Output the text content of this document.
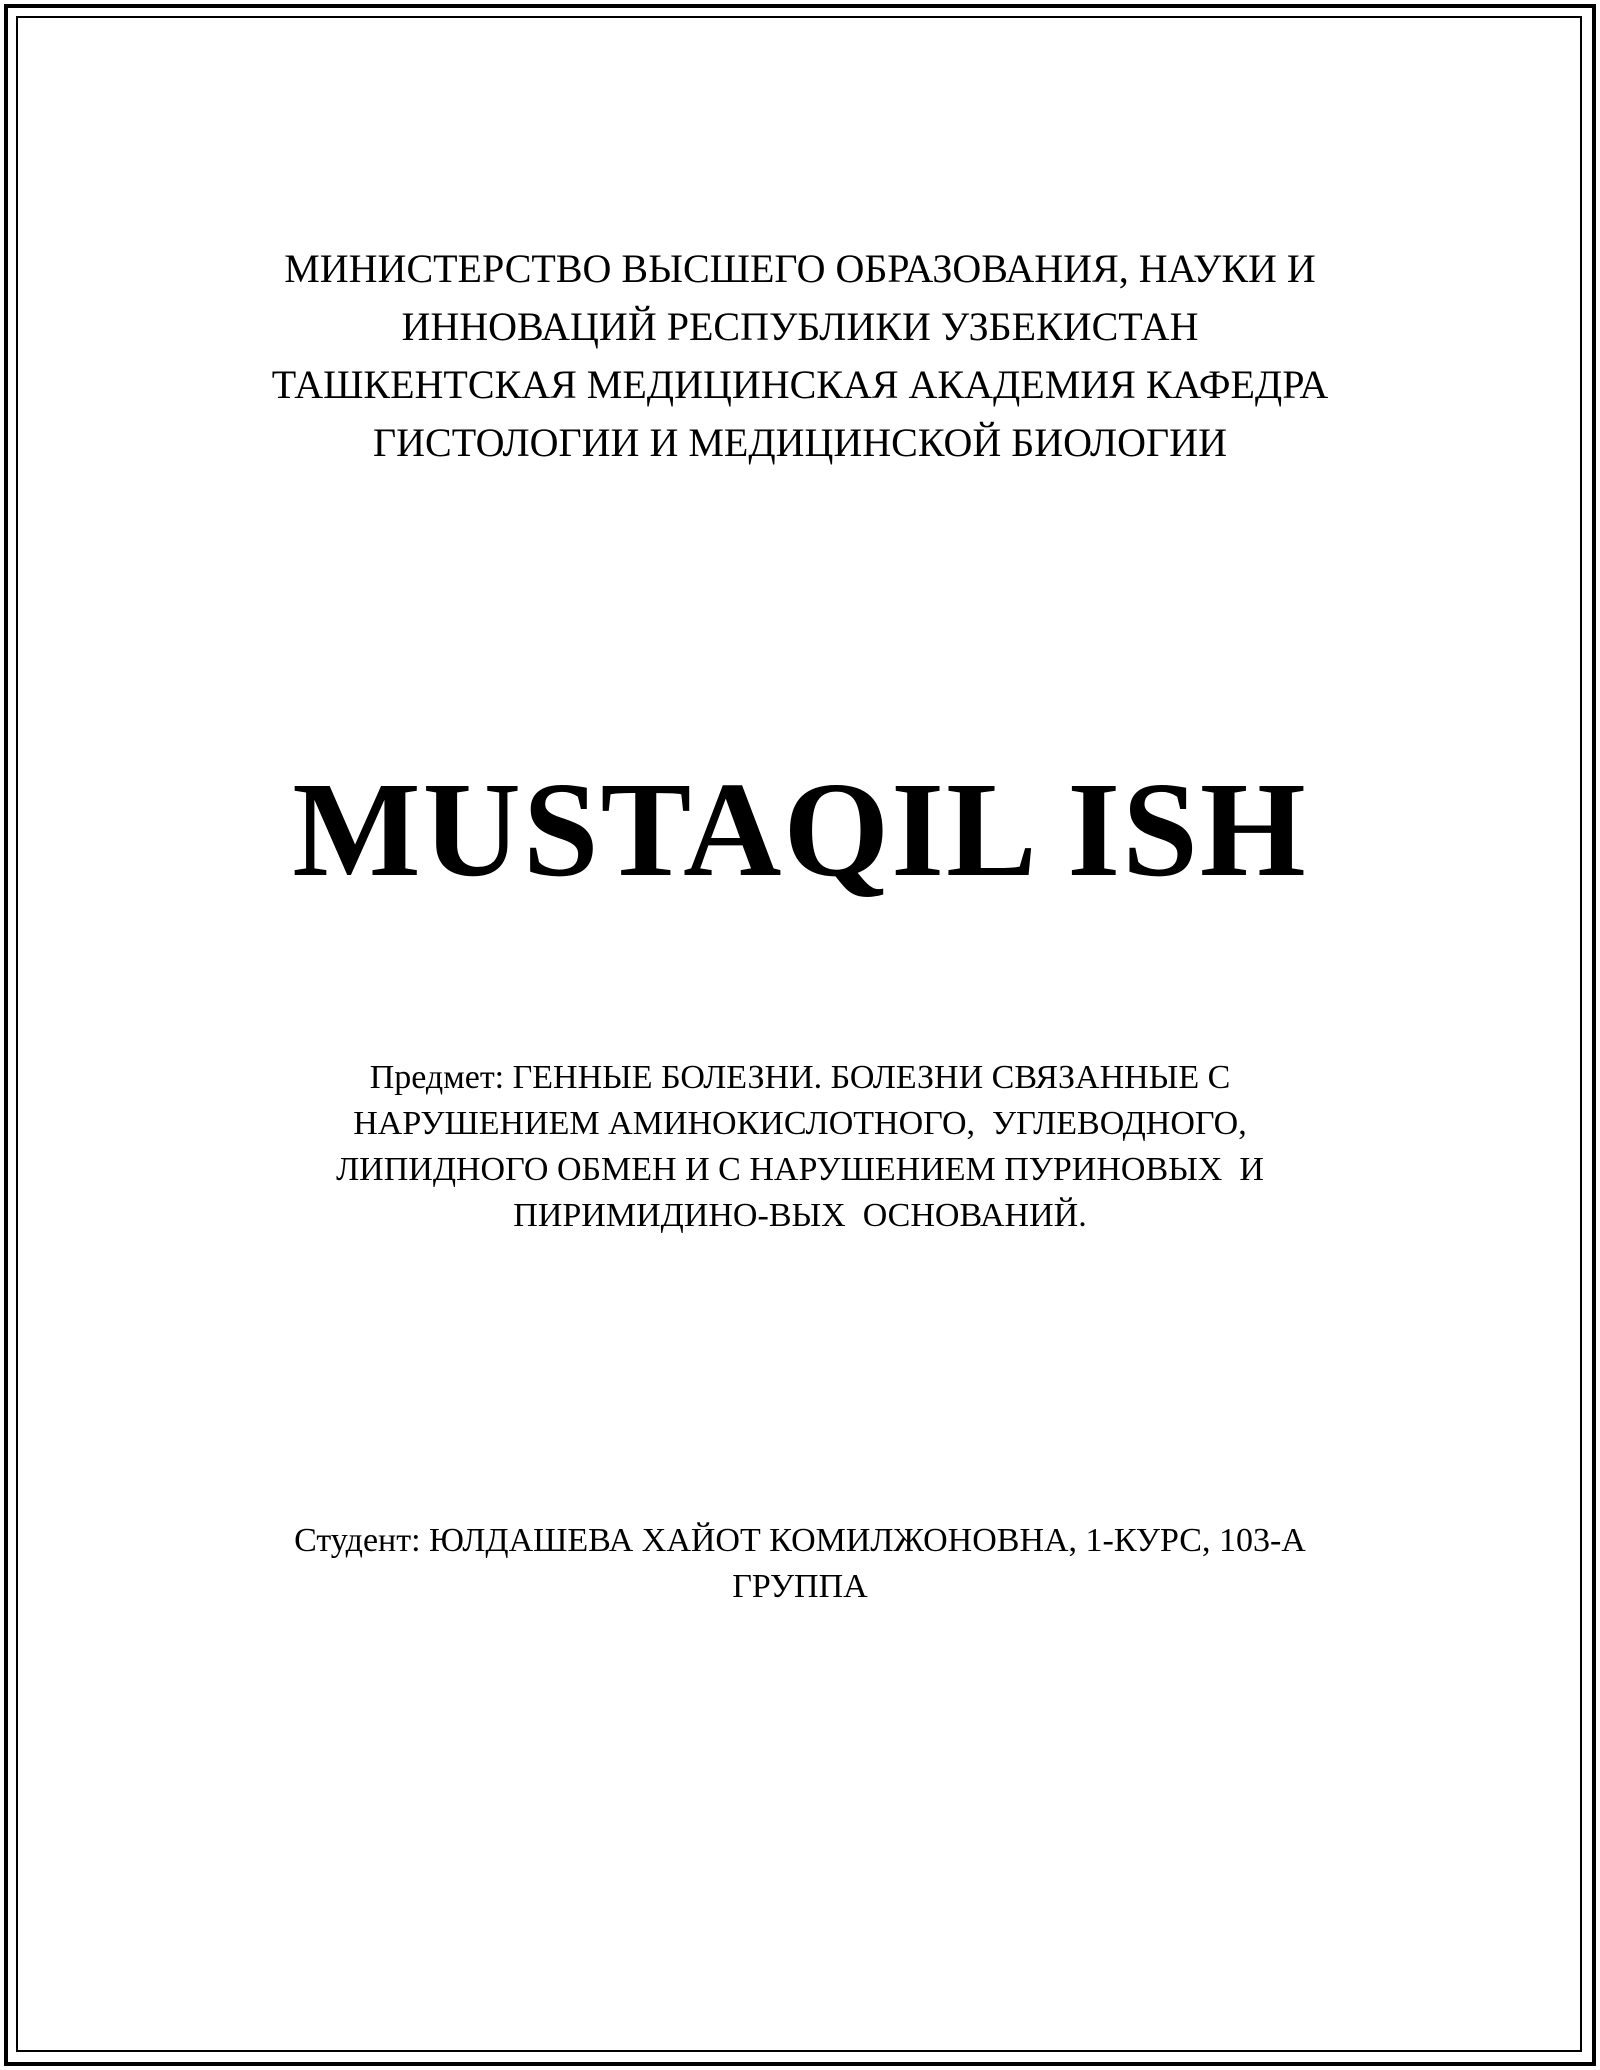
МИНИСТЕРСТВО ВЫСШЕГО ОБРАЗОВАНИЯ, НАУКИ И
ИННОВАЦИЙ РЕСПУБЛИКИ УЗБЕКИСТАН
ТАШКЕНТСКАЯ МЕДИЦИНСКАЯ АКАДЕМИЯ КАФЕДРА
ГИСТОЛОГИИ И МЕДИЦИНСКОЙ БИОЛОГИИ
MUSTAQIL ISH
Предмет: ГЕННЫЕ БОЛЕЗНИ. БОЛЕЗНИ СВЯЗАННЫЕ С
НАРУШЕНИЕМ АМИНОКИСЛОТНОГО,  УГЛЕВОДНОГО,
ЛИПИДНОГО ОБМЕН И С НАРУШЕНИЕМ ПУРИНОВЫХ  И
ПИРИМИДИНО-ВЫХ  ОСНОВАНИЙ.
Студент: ЮЛДАШЕВА ХАЙОТ КОМИЛЖОНОВНА, 1-КУРС, 103-А
ГРУППА
